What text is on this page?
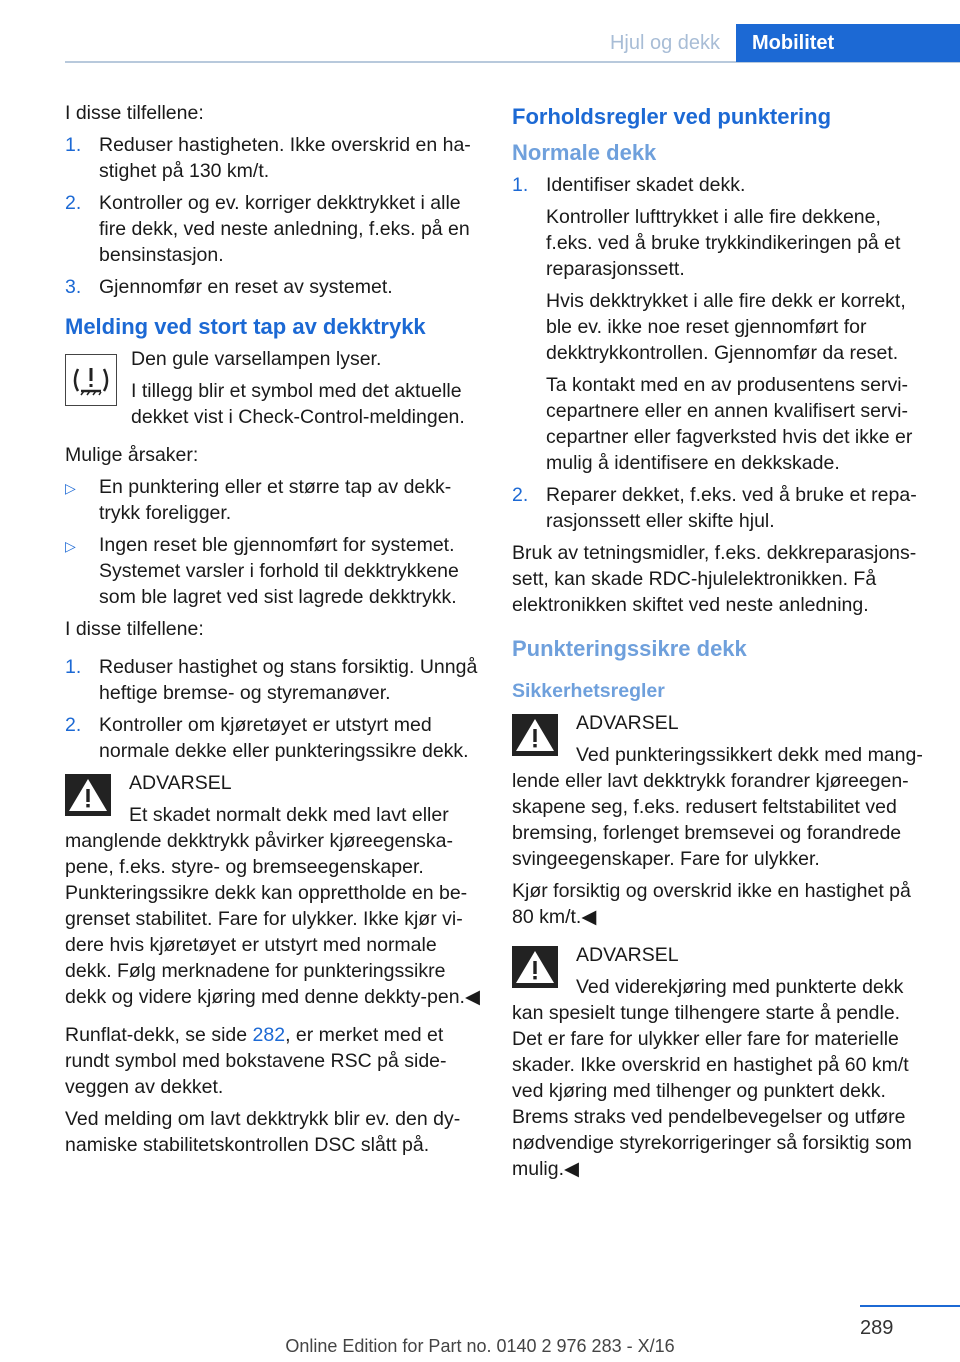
Hjul og dekk	Mobilitet

I disse tilfellene:

1. Reduser hastigheten. Ikke overskrid en ha‐stighet på 130 km/t.
2. Kontroller og ev. korriger dekktrykket i alle fire dekk, ved neste anledning, f.eks. på en bensinstasjon.
3. Gjennomfør en reset av systemet.
Melding ved stort tap av dekktrykk

Den gule varsellampen lyser.

I tillegg blir et symbol med det aktuelle dekket vist i Check-Control-meldingen.

Mulige årsaker:

▷ En punktering eller et større tap av dekk‐trykk foreligger.
▷ Ingen reset ble gjennomført for systemet. Systemet varsler i forhold til dekktrykkene som ble lagret ved sist lagrede dekktrykk.

I disse tilfellene:

1. Reduser hastighet og stans forsiktig. Unngå heftige bremse- og styremanøver.
2. Kontroller om kjøretøyet er utstyrt med normale dekke eller punkteringssikre dekk.

ADVARSEL

Et skadet normalt dekk med lavt eller manglende dekktrykk påvirker kjøreegenska‐pene, f.eks. styre- og bremseegenskaper. Punkteringssikre dekk kan opprettholde en be‐grenset stabilitet. Fare for ulykker. Ikke kjør vi‐dere hvis kjøretøyet er utstyrt med normale dekk. Følg merknadene for punkteringssikre dekk og videre kjøring med denne dekkty‐pen.◀

Runflat-dekk, se side 282, er merket med et rundt symbol med bokstavene RSC på side‐veggen av dekket.

Ved melding om lavt dekktrykk blir ev. den dy‐namiske stabilitetskontrollen DSC slått på.

Forholdsregler ved punktering
Normale dekk
1. Identifiser skadet dekk.

Kontroller lufttrykket i alle fire dekkene, f.eks. ved å bruke trykkindikeringen på et reparasjonssett.

Hvis dekktrykket i alle fire dekk er korrekt, ble ev. ikke noe reset gjennomført for dekktrykkontrollen. Gjennomfør da reset.

Ta kontakt med en av produsentens servi‐cepartnere eller en annen kvalifisert servi‐cepartner eller fagverksted hvis det ikke er mulig å identifisere en dekkskade.

2. Reparer dekket, f.eks. ved å bruke et repa‐rasjonssett eller skifte hjul.

Bruk av tetningsmidler, f.eks. dekkreparasjons‐sett, kan skade RDC-hjulelektronikken. Få elektronikken skiftet ved neste anledning.

Punkteringssikre dekk
Sikkerhetsregler

ADVARSEL

Ved punkteringssikkert dekk med mang‐lende eller lavt dekktrykk forandrer kjøreegen‐skapene seg, f.eks. redusert feltstabilitet ved bremsing, forlenget bremsevei og forandrede svingeegenskaper. Fare for ulykker.

Kjør forsiktig og overskrid ikke en hastighet på 80 km/t.◀

ADVARSEL

Ved viderekjøring med punkterte dekk kan spesielt tunge tilhengere starte å pendle. Det er fare for ulykker eller fare for materielle skader. Ikke overskrid en hastighet på 60 km/t ved kjøring med tilhenger og punktert dekk. Brems straks ved pendelbevegelser og utføre nødvendige styrekorrigeringer så forsiktig som mulig.◀

289
Online Edition for Part no. 0140 2 976 283 - X/16
